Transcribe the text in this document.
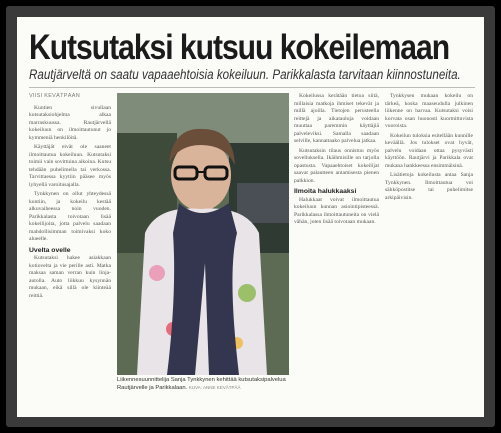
Kutsutaksi kutsuu kokeilemaan
Rautjärveltä on saatu vapaaehtoisia kokeiluun. Parikkalasta tarvitaan kiinnostuneita.
VIISI KEVÄTPÄÄN

Kuntien sivullaan kutsutaksiohjelma alkaa marraskuussa. Rautjärvellä kokeiluun on ilmoittautunut jo kymmeniä henkilöitä.

Käyttäjät eivät ole saaneet ilmoittautua kokeiluun. Kutsutaksi toimii vain sovittuina aikoina. Kutsu tehdään puhelimella tai verkossa. Tarvittaessa kyytiin pääsee myös lyhyellä varoitusajalla.

Tynkkynen on ollut yhteydessä kuntiin, ja kokeilu kestää alkuvaiheessa noin vuoden. Parikkalasta toivotaan lisää kokeilijoita, jotta palvelu saadaan mahdollisimman toimivaksi koko alueelle.

Uvelta ovelle

Kutsutaksi hakee asiakkaan kotiovelta ja vie perille asti. Matka maksaa saman verran kuin linja-autolla. Auto liikkuu kysynnän mukaan, eikä sillä ole kiinteää reittiä.

Liikennesuunnittelija Sanja Tynkkynen kehittää kutsutaksipalvelua Rautjärvelle ja Parikkalaan. KUVA: ANNE KEVÄTPÄÄ

Kokeilussa kerätään tietoa siitä, millaisia matkoja ihmiset tekevät ja millä ajoilla. Tietojen perusteella reittejä ja aikatauluja voidaan muuttaa paremmin käyttäjiä palveleviksi. Samalla saadaan selville, kannattaako palvelua jatkaa.

Kutsutaksin tilaus onnistuu myös sovelluksella. Ikäihmisille on tarjolla opastusta. Vapaaehtoiset kokeilijat saavat palautteen antamisesta pienen palkkion.

Ilmoita halukkaaksi

Halukkaat voivat ilmoittautua kokeiluun kunnan asiointipisteessä. Parikkalassa ilmoittautuneita on vielä vähän, joten lisää toivotaan mukaan.

Tynkkysen mukaan kokeilu on tärkeä, koska maaseudulla julkinen liikenne on harvaa. Kutsutaksi voisi korvata osan huonosti kuormittuvista vuoroista.

Kokeilun tuloksia esitellään kunnille keväällä. Jos tulokset ovat hyvät, palvelu voidaan ottaa pysyvästi käyttöön. Rautjärvi ja Parikkala ovat mukana hankkeessa ensimmäisinä.

Lisätietoja kokeilusta antaa Sanja Tynkkynen. Ilmoittautua voi sähköpostitse tai puhelimitse arkipäivisin.
